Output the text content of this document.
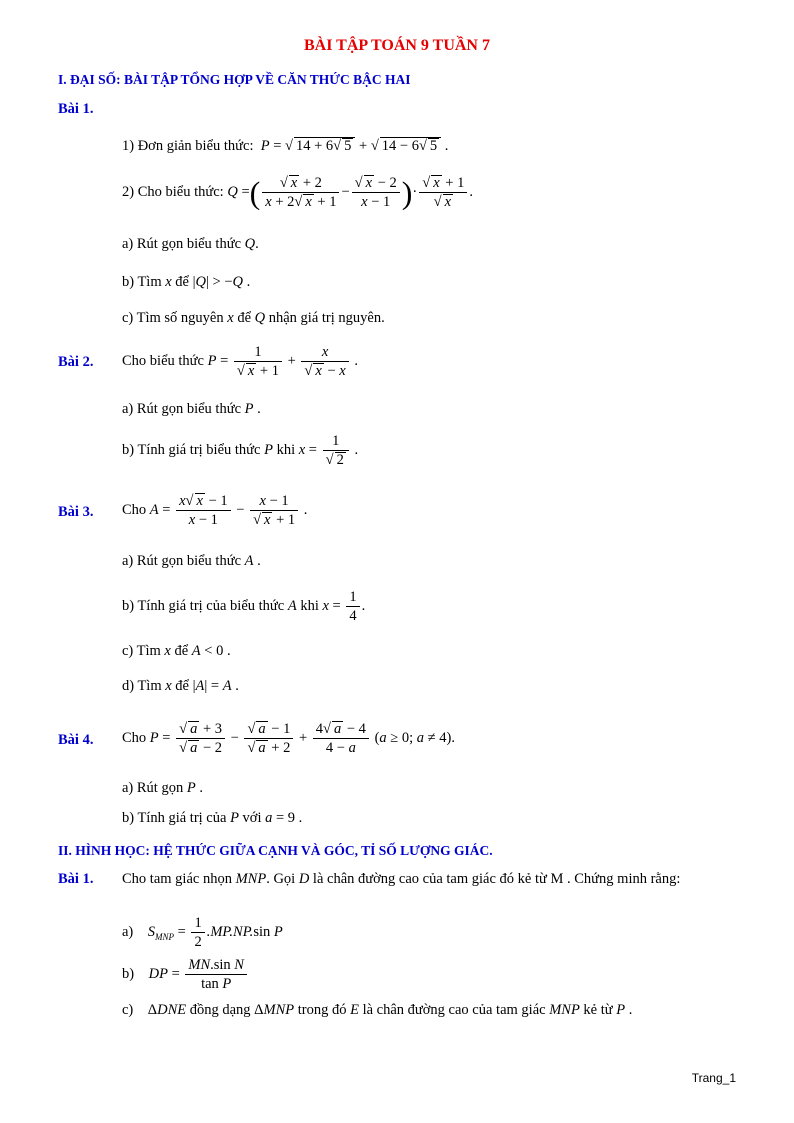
BÀI TẬP TOÁN 9 TUẦN 7
I. ĐẠI SỐ: BÀI TẬP TỔNG HỢP VỀ CĂN THỨC BẬC HAI
Bài 1.
1) Đơn giản biểu thức: P = √ 14 + 6√ 5 + √ 14 − 6√ 5 .
2) Cho biểu thức: Q =( $\frac{√ x + 2}{x + 2√ x + 1} - \frac{√ x - 2}{x - 1}$ )· $\frac{√ x + 1}{√ x}$ .
a) Rút gọn biểu thức Q.
b) Tìm x để |Q| > −Q .
c) Tìm số nguyên x để Q nhận giá trị nguyên.
Bài 2. Cho biểu thức $P = \frac{1}{√ x + 1} + \frac{x}{√ x - x}$ .
a) Rút gọn biểu thức P .
b) Tính giá trị biểu thức P khi $x = \frac{1}{√ 2}$ .
Bài 3. Cho $A = \frac{x√ x - 1}{x - 1} - \frac{x - 1}{√ x + 1}$ .
a) Rút gọn biểu thức A .
b) Tính giá trị của biểu thức A khi $x = \frac{1}{4}$ .
c) Tìm x để A < 0 .
d) Tìm x để |A| = A .
Bài 4. Cho $P = \frac{√ a + 3}{√ a - 2} - \frac{√ a - 1}{√ a + 2} + \frac{4√ a - 4}{4 - a} (a \ge 0$; a ≠ 4).
a) Rút gọn P .
b) Tính giá trị của P với a = 9 .
II. HÌNH HỌC: HỆ THỨC GIỮA CẠNH VÀ GÓC, TỈ SỐ LƯỢNG GIÁC.
Bài 1. Cho tam giác nhọn MNP. Gọi D là chân đường cao của tam giác đó kẻ từ M . Chứng minh rằng:
a) $S_{MNP} = \frac{1}{2} .MP.NP.\sin$ P
b) DP = $\frac{\text{MN.sin N}}{\text{tan P}}$
c)    ΔDNE đồng dạng ΔMNP trong đó E là chân đường cao của tam giác MNP kẻ từ P .
Trang_1
